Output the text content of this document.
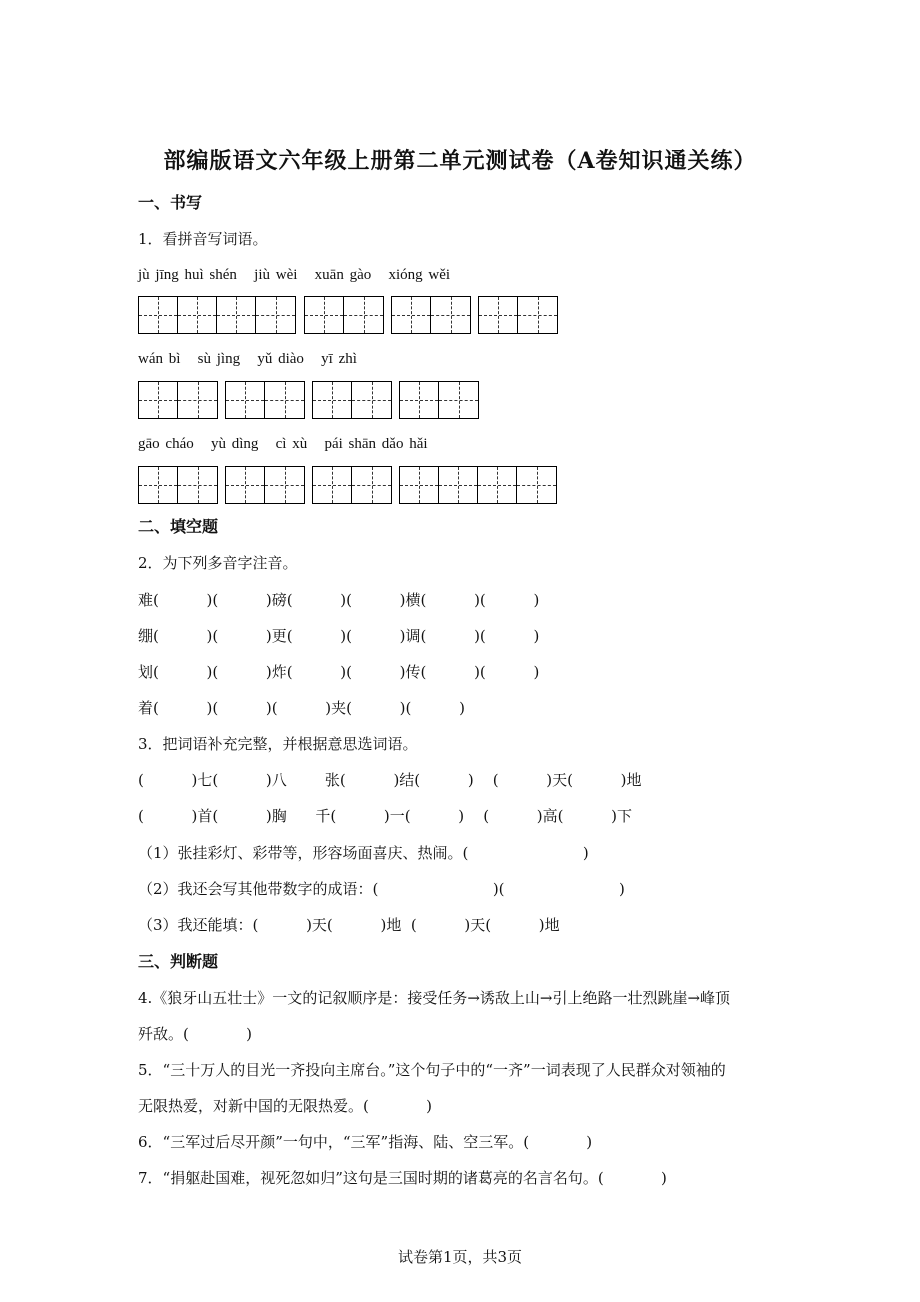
部编版语文六年级上册第二单元测试卷（A卷知识通关练）
一、书写
1．看拼音写词语。
jù jīng huì shén   jiù wèi   xuān gào   xióng wěi
wán bì   sù jìng   yǔ diào   yī zhì
gāo cháo   yù dìng   cì xù   pái shān dǎo hǎi
二、填空题
2．为下列多音字注音。
难(          )(          )磅(          )(          )横(          )(          )
绷(          )(          )更(          )(          )调(          )(          )
划(          )(          )炸(          )(          )传(          )(          )
着(          )(          )(          )夹(          )(          )
3．把词语补充完整，并根据意思选词语。
(          )七(          )八        张(          )结(          )    (          )天(          )地
(          )首(          )胸      千(          )一(          )    (          )高(          )下
（1）张挂彩灯、彩带等，形容场面喜庆、热闹。(                        )
（2）我还会写其他带数字的成语：(                        )(                        )
（3）我还能填：(          )天(          )地  (          )天(          )地
三、判断题
4.《狼牙山五壮士》一文的记叙顺序是：接受任务→诱敌上山→引上绝路一壮烈跳崖→峰顶
歼敌。(            )
5．“三十万人的目光一齐投向主席台。”这个句子中的“一齐”一词表现了人民群众对领袖的
无限热爱，对新中国的无限热爱。(            )
6．“三军过后尽开颜”一句中，“三军”指海、陆、空三军。(            )
7．“捐躯赴国难，视死忽如归”这句是三国时期的诸葛亮的名言名句。(            )
试卷第1页，共3页
